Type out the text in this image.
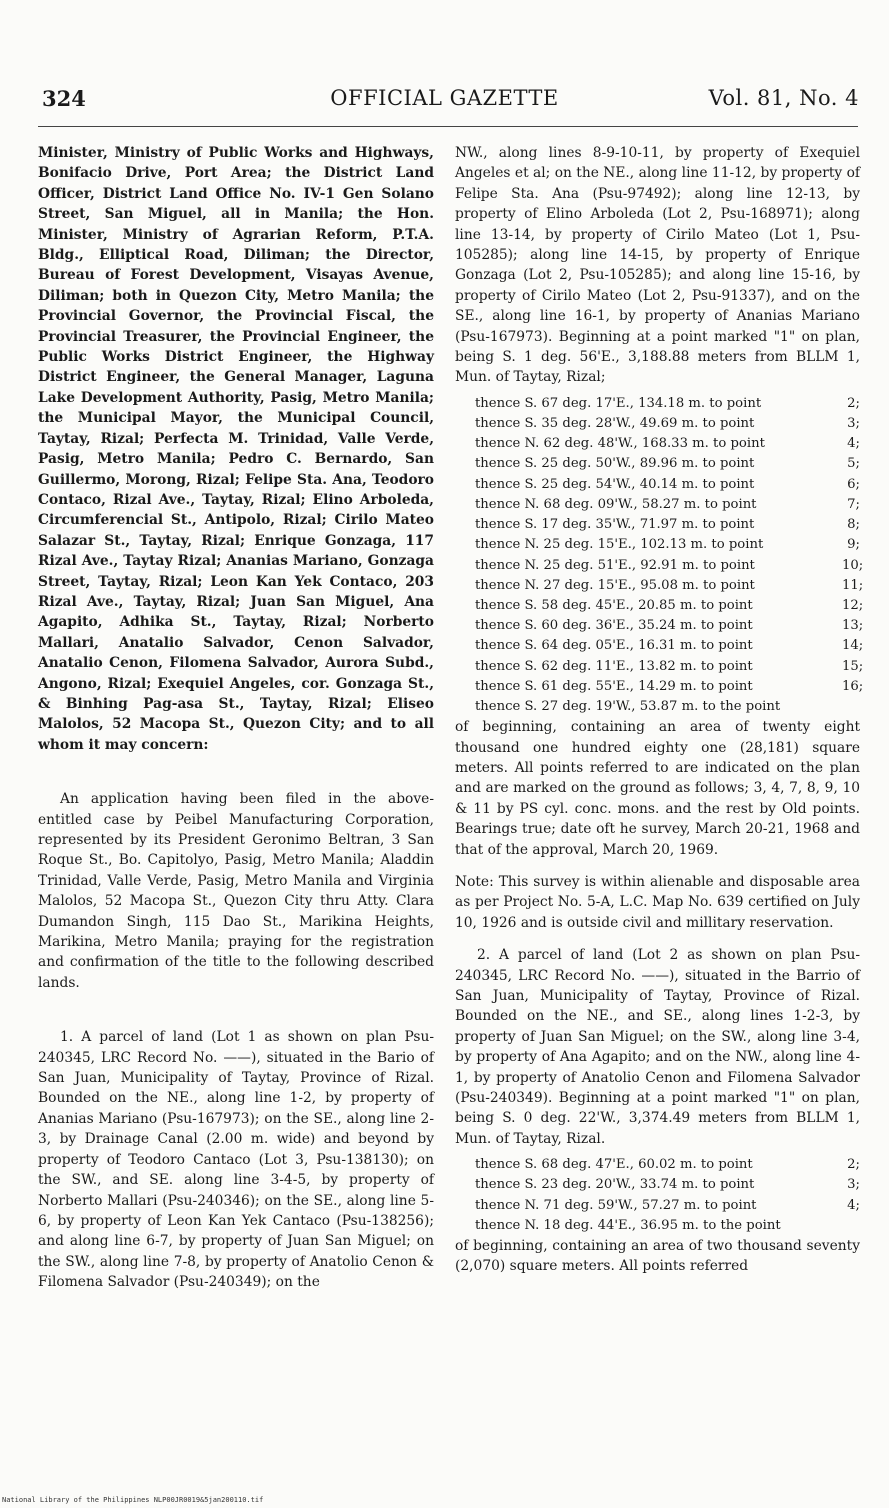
OFFICIAL GAZETTE
324	Vol. 81, No. 4

Minister, Ministry of Public Works and Highways, Bonifacio Drive, Port Area; the District Land Officer, District Land Office No. IV-1 Gen Solano Street, San Miguel, all in Manila; the Hon. Minister, Ministry of Agrarian Reform, P.T.A. Bldg., Elliptical Road, Diliman; the Director, Bureau of Forest Development, Visayas Avenue, Diliman; both in Quezon City, Metro Manila; the Provincial Governor, the Provincial Fiscal, the Provincial Treasurer, the Provincial Engineer, the Public Works District Engineer, the Highway District Engineer, the General Manager, Laguna Lake Development Authority, Pasig, Metro Manila; the Municipal Mayor, the Municipal Council, Taytay, Rizal; Perfecta M. Trinidad, Valle Verde, Pasig, Metro Manila; Pedro C. Bernardo, San Guillermo, Morong, Rizal; Felipe Sta. Ana, Teodoro Contaco, Rizal Ave., Taytay, Rizal; Elino Arboleda, Circumferencial St., Antipolo, Rizal; Cirilo Mateo Salazar St., Taytay, Rizal; Enrique Gonzaga, 117 Rizal Ave., Taytay Rizal; Ananias Mariano, Gonzaga Street, Taytay, Rizal; Leon Kan Yek Contaco, 203 Rizal Ave., Taytay, Rizal; Juan San Miguel, Ana Agapito, Adhika St., Taytay, Rizal; Norberto Mallari, Anatalio Salvador, Cenon Salvador, Anatalio Cenon, Filomena Salvador, Aurora Subd., Angono, Rizal; Exequiel Angeles, cor. Gonzaga St., & Binhing Pag-asa St., Taytay, Rizal; Eliseo Malolos, 52 Macopa St., Quezon City; and to all whom it may concern:

An application having been filed in the above-entitled case by Peibel Manufacturing Corporation, represented by its President Geronimo Beltran, 3 San Roque St., Bo. Capitolyo, Pasig, Metro Manila; Aladdin Trinidad, Valle Verde, Pasig, Metro Manila and Virginia Malolos, 52 Macopa St., Quezon City thru Atty. Clara Dumandon Singh, 115 Dao St., Marikina Heights, Marikina, Metro Manila; praying for the registration and confirmation of the title to the following described lands.

1. A parcel of land (Lot 1 as shown on plan Psu-240345, LRC Record No. ——), situated in the Bario of San Juan, Municipality of Taytay, Province of Rizal. Bounded on the NE., along line 1-2, by property of Ananias Mariano (Psu-167973); on the SE., along line 2-3, by Drainage Canal (2.00 m. wide) and beyond by property of Teodoro Cantaco (Lot 3, Psu-138130); on the SW., and SE. along line 3-4-5, by property of Norberto Mallari (Psu-240346); on the SE., along line 5-6, by property of Leon Kan Yek Cantaco (Psu-138256); and along line 6-7, by property of Juan San Miguel; on the SW., along line 7-8, by property of Anatolio Cenon & Filomena Salvador (Psu-240349); on the

NW., along lines 8-9-10-11, by property of Exequiel Angeles et al; on the NE., along line 11-12, by property of Felipe Sta. Ana (Psu-97492); along line 12-13, by property of Elino Arboleda (Lot 2, Psu-168971); along line 13-14, by property of Cirilo Mateo (Lot 1, Psu-105285); along line 14-15, by property of Enrique Gonzaga (Lot 2, Psu-105285); and along line 15-16, by property of Cirilo Mateo (Lot 2, Psu-91337), and on the SE., along line 16-1, by property of Ananias Mariano (Psu-167973). Beginning at a point marked "1" on plan, being S. 1 deg. 56'E., 3,188.88 meters from BLLM 1, Mun. of Taytay, Rizal;

thence S. 67 deg. 17'E., 134.18 m. to point	2;
thence S. 35 deg. 28'W., 49.69 m. to point	3;
thence N. 62 deg. 48'W., 168.33 m. to point	4;
thence S. 25 deg. 50'W., 89.96 m. to point	5;
thence S. 25 deg. 54'W., 40.14 m. to point	6;
thence N. 68 deg. 09'W., 58.27 m. to point	7;
thence S. 17 deg. 35'W., 71.97 m. to point	8;
thence N. 25 deg. 15'E., 102.13 m. to point	9;
thence N. 25 deg. 51'E., 92.91 m. to point	10;
thence N. 27 deg. 15'E., 95.08 m. to point	11;
thence S. 58 deg. 45'E., 20.85 m. to point	12;
thence S. 60 deg. 36'E., 35.24 m. to point	13;
thence S. 64 deg. 05'E., 16.31 m. to point	14;
thence S. 62 deg. 11'E., 13.82 m. to point	15;
thence S. 61 deg. 55'E., 14.29 m. to point	16;
thence S. 27 deg. 19'W., 53.87 m. to the point

of beginning, containing an area of twenty eight thousand one hundred eighty one (28,181) square meters. All points referred to are indicated on the plan and are marked on the ground as follows; 3, 4, 7, 8, 9, 10 & 11 by PS cyl. conc. mons. and the rest by Old points. Bearings true; date oft he survey, March 20-21, 1968 and that of the approval, March 20, 1969.

Note: This survey is within alienable and disposable area as per Project No. 5-A, L.C. Map No. 639 certified on July 10, 1926 and is outside civil and millitary reservation.

2. A parcel of land (Lot 2 as shown on plan Psu-240345, LRC Record No. ——), situated in the Barrio of San Juan, Municipality of Taytay, Province of Rizal. Bounded on the NE., and SE., along lines 1-2-3, by property of Juan San Miguel; on the SW., along line 3-4, by property of Ana Agapito; and on the NW., along line 4-1, by property of Anatolio Cenon and Filomena Salvador (Psu-240349). Beginning at a point marked "1" on plan, being S. 0 deg. 22'W., 3,374.49 meters from BLLM 1, Mun. of Taytay, Rizal.

thence S. 68 deg. 47'E., 60.02 m. to point	2;
thence S. 23 deg. 20'W., 33.74 m. to point	3;
thence N. 71 deg. 59'W., 57.27 m. to point	4;
thence N. 18 deg. 44'E., 36.95 m. to the point

of beginning, containing an area of two thousand seventy (2,070) square meters. All points referred

National Library of the Philippines NLP00JR0019&5jan200110.tif
